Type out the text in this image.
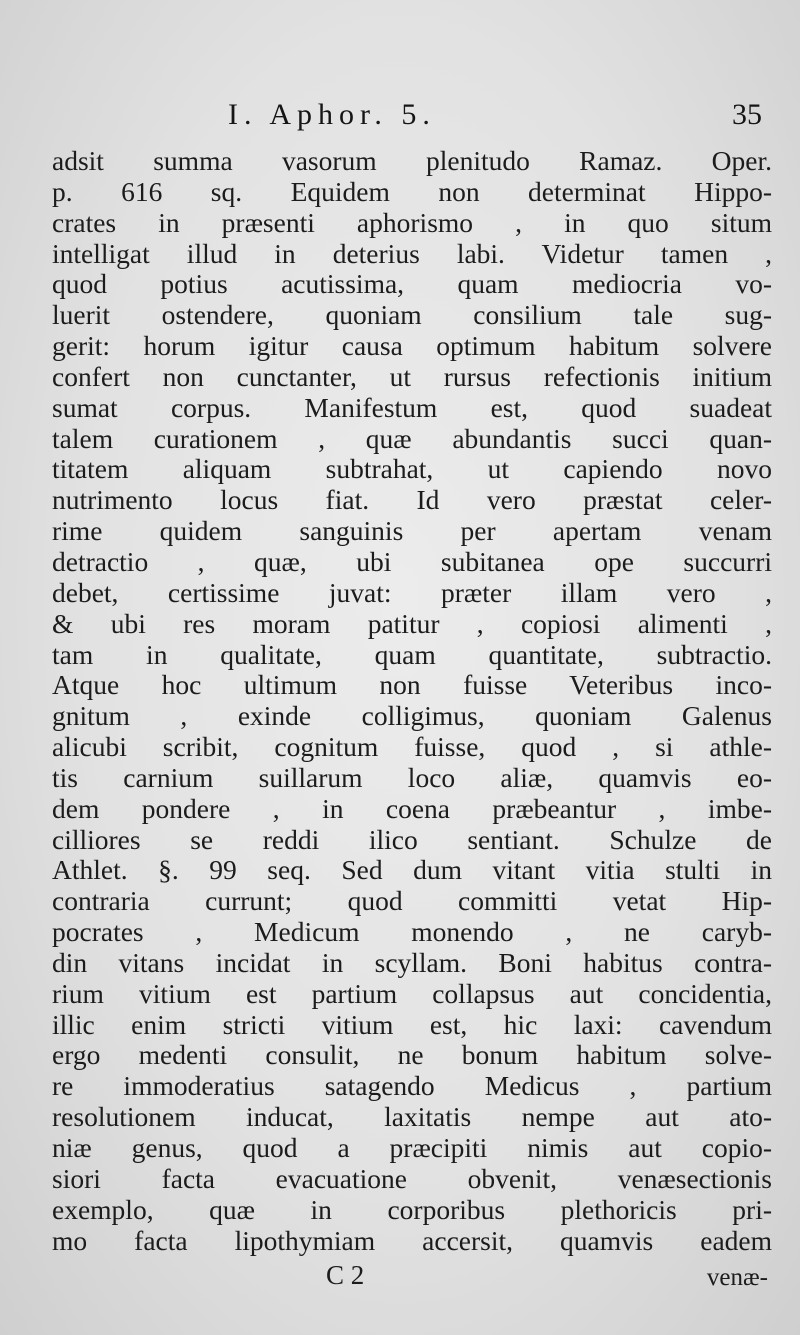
I. Aphor. 5.	35
adsit summa vasorum plenitudo Ramaz. Oper.
p. 616 sq. Equidem non determinat Hippo-
crates in præsenti aphorismo , in quo situm
intelligat illud in deterius labi. Videtur tamen ,
quod potius acutissima, quam mediocria vo-
luerit ostendere, quoniam consilium tale sug-
gerit: horum igitur causa optimum habitum solvere
confert non cunctanter, ut rursus refectionis initium
sumat corpus. Manifestum est, quod suadeat
talem curationem , quæ abundantis succi quan-
titatem aliquam subtrahat, ut capiendo novo
nutrimento locus fiat. Id vero præstat celer-
rime quidem sanguinis per apertam venam
detractio , quæ, ubi subitanea ope succurri
debet, certissime juvat: præter illam vero ,
& ubi res moram patitur , copiosi alimenti ,
tam in qualitate, quam quantitate, subtractio.
Atque hoc ultimum non fuisse Veteribus inco-
gnitum , exinde colligimus, quoniam Galenus
alicubi scribit, cognitum fuisse, quod , si athle-
tis carnium suillarum loco aliæ, quamvis eo-
dem pondere , in coena præbeantur , imbe-
cilliores se reddi ilico sentiant. Schulze de
Athlet. §. 99 seq. Sed dum vitant vitia stulti in
contraria currunt; quod committi vetat Hip-
pocrates , Medicum monendo , ne caryb-
din vitans incidat in scyllam. Boni habitus contra-
rium vitium est partium collapsus aut concidentia,
illic enim stricti vitium est, hic laxi: cavendum
ergo medenti consulit, ne bonum habitum solve-
re immoderatius satagendo Medicus , partium
resolutionem inducat, laxitatis nempe aut ato-
niæ genus, quod a præcipiti nimis aut copio-
siori facta evacuatione obvenit, venæsectionis
exemplo, quæ in corporibus plethoricis pri-
mo facta lipothymiam accersit, quamvis eadem
C 2	venæ-
